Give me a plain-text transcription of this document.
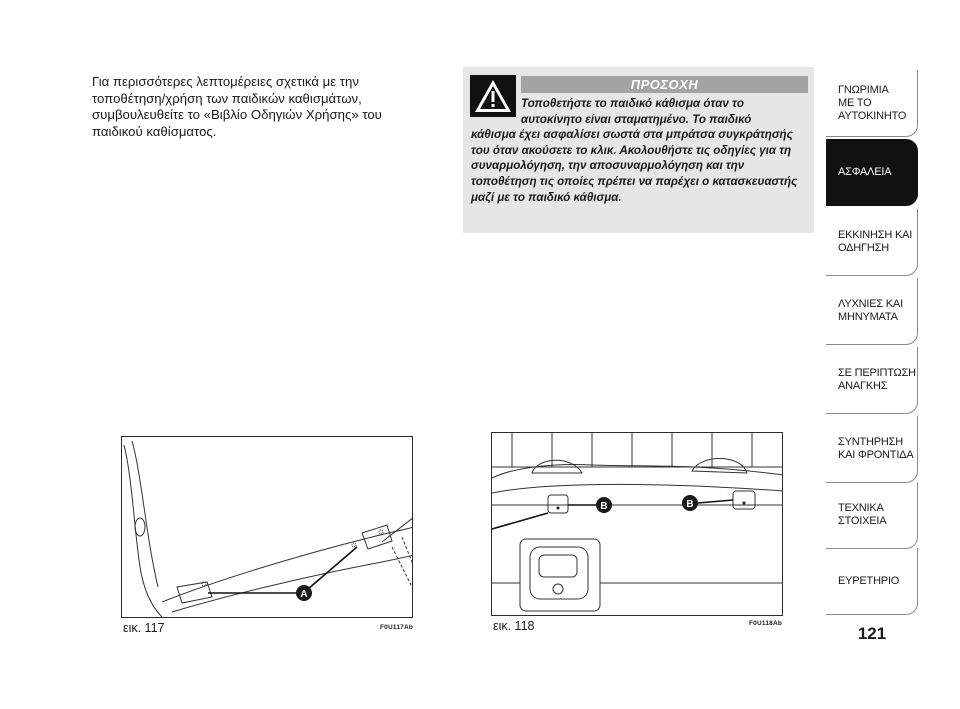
Για περισσότερες λεπτομέρειες σχετικά με την τοποθέτηση/χρήση των παιδικών καθισμάτων, συμβουλευθείτε το «Βιβλίο Οδηγιών Χρήσης» του παιδικού καθίσματος.

ΠΡΟΣΟΧΗ
Τοποθετήστε το παιδικό κάθισμα όταν το
αυτοκίνητο είναι σταματημένο. Το παιδικό
κάθισμα έχει ασφαλίσει σωστά στα μπράτσα συγκράτησής του όταν ακούσετε το κλικ. Ακολουθήστε τις οδηγίες για τη συναρμολόγηση, την αποσυναρμολόγηση και την τοποθέτηση τις οποίες πρέπει να παρέχει ο κατασκευαστής μαζί με το παιδικό κάθισμα.
A
εικ. 117	F0U117Ab
B	B
εικ. 118	F0U118Ab
121
ΓΝΩΡΙΜΙΑ
ΜΕ ΤΟ
ΑΥΤΟΚΙΝΗΤΟ
ΑΣΦΑΛΕΙΑ
ΕΚΚΙΝΗΣΗ ΚΑΙ
ΟΔΗΓΗΣΗ
ΛΥΧΝΙΕΣ ΚΑΙ
ΜΗΝΥΜΑΤΑ
ΣΕ ΠΕΡΙΠΤΩΣΗ
ΑΝΑΓΚΗΣ
ΣΥΝΤΗΡΗΣΗ
ΚΑΙ ΦΡΟΝΤΙΔΑ
ΤΕΧΝΙΚΑ
ΣΤΟΙΧΕΙΑ
ΕΥΡΕΤΗΡΙΟ
